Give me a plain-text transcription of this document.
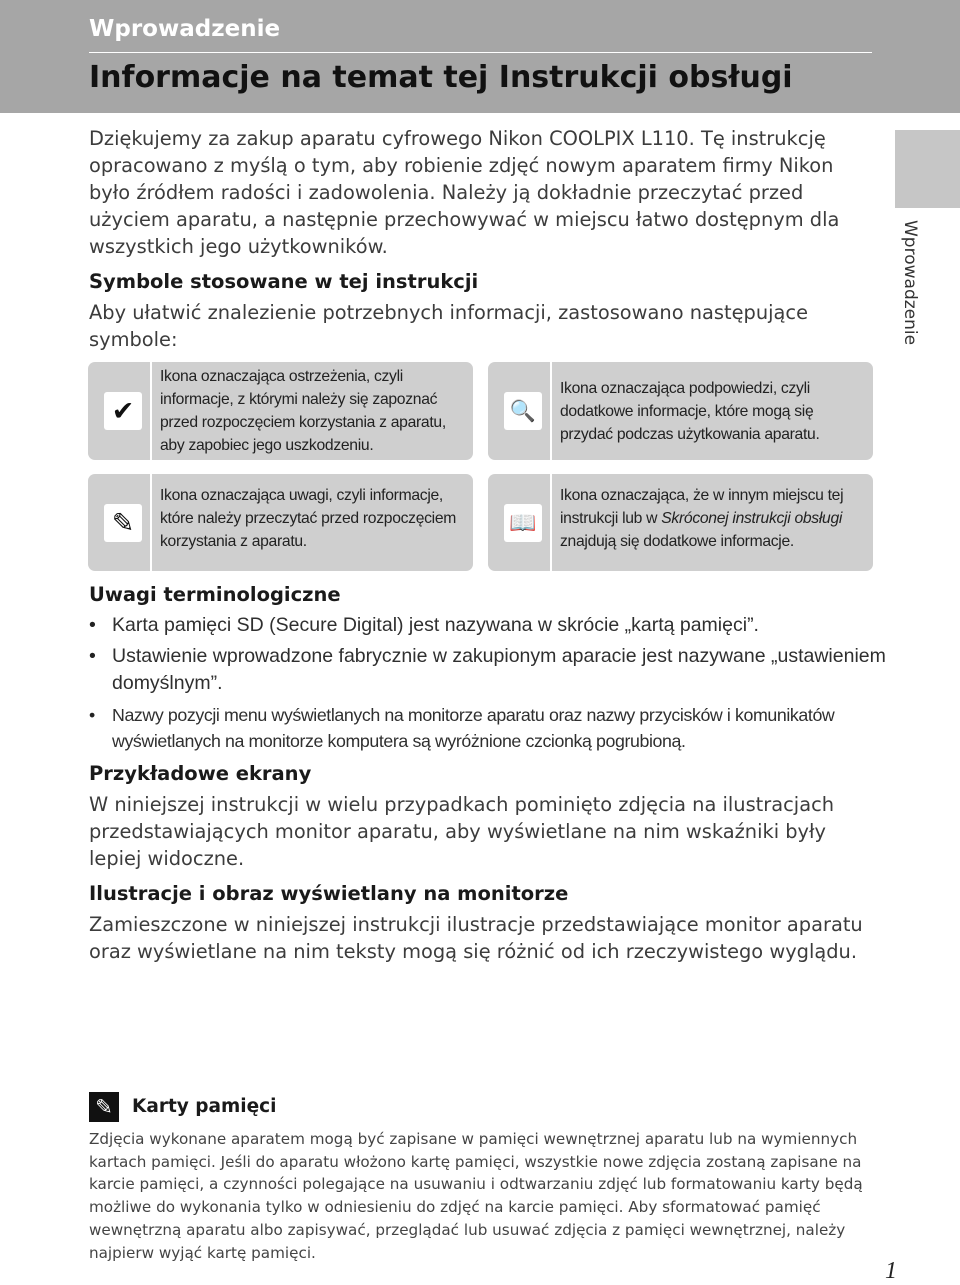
Wprowadzenie
Informacje na temat tej Instrukcji obsługi

Wprowadzenie

Dziękujemy za zakup aparatu cyfrowego Nikon COOLPIX L110. Tę instrukcję opracowano z myślą o tym, aby robienie zdjęć nowym aparatem firmy Nikon było źródłem radości i zadowolenia. Należy ją dokładnie przeczytać przed użyciem aparatu, a następnie przechowywać w miejscu łatwo dostępnym dla wszystkich jego użytkowników.

Symbole stosowane w tej instrukcji

Aby ułatwić znalezienie potrzebnych informacji, zastosowano następujące symbole:

✔

Ikona oznaczająca ostrzeżenia, czyli informacje, z którymi należy się zapoznać przed rozpoczęciem korzystania z aparatu, aby zapobiec jego uszkodzeniu.

🔍

Ikona oznaczająca podpowiedzi, czyli dodatkowe informacje, które mogą się przydać podczas użytkowania aparatu.

✎

Ikona oznaczająca uwagi, czyli informacje, które należy przeczytać przed rozpoczęciem korzystania z aparatu.

📖

Ikona oznaczająca, że w innym miejscu tej instrukcji lub w Skróconej instrukcji obsługi znajdują się dodatkowe informacje.

Uwagi terminologiczne
• Karta pamięci SD (Secure Digital) jest nazywana w skrócie „kartą pamięci”.
• Ustawienie wprowadzone fabrycznie w zakupionym aparacie jest nazywane „ustawieniem domyślnym”.
• Nazwy pozycji menu wyświetlanych na monitorze aparatu oraz nazwy przycisków i komunikatów wyświetlanych na monitorze komputera są wyróżnione czcionką pogrubioną.
Przykładowe ekrany

W niniejszej instrukcji w wielu przypadkach pominięto zdjęcia na ilustracjach przedstawiających monitor aparatu, aby wyświetlane na nim wskaźniki były lepiej widoczne.

Ilustracje i obraz wyświetlany na monitorze

Zamieszczone w niniejszej instrukcji ilustracje przedstawiające monitor aparatu oraz wyświetlane na nim teksty mogą się różnić od ich rzeczywistego wyglądu.

✎	Karty pamięci

Zdjęcia wykonane aparatem mogą być zapisane w pamięci wewnętrznej aparatu lub na wymiennych kartach pamięci. Jeśli do aparatu włożono kartę pamięci, wszystkie nowe zdjęcia zostaną zapisane na karcie pamięci, a czynności polegające na usuwaniu i odtwarzaniu zdjęć lub formatowaniu karty będą możliwe do wykonania tylko w odniesieniu do zdjęć na karcie pamięci. Aby sformatować pamięć wewnętrzną aparatu albo zapisywać, przeglądać lub usuwać zdjęcia z pamięci wewnętrznej, należy najpierw wyjąć kartę pamięci.

1
